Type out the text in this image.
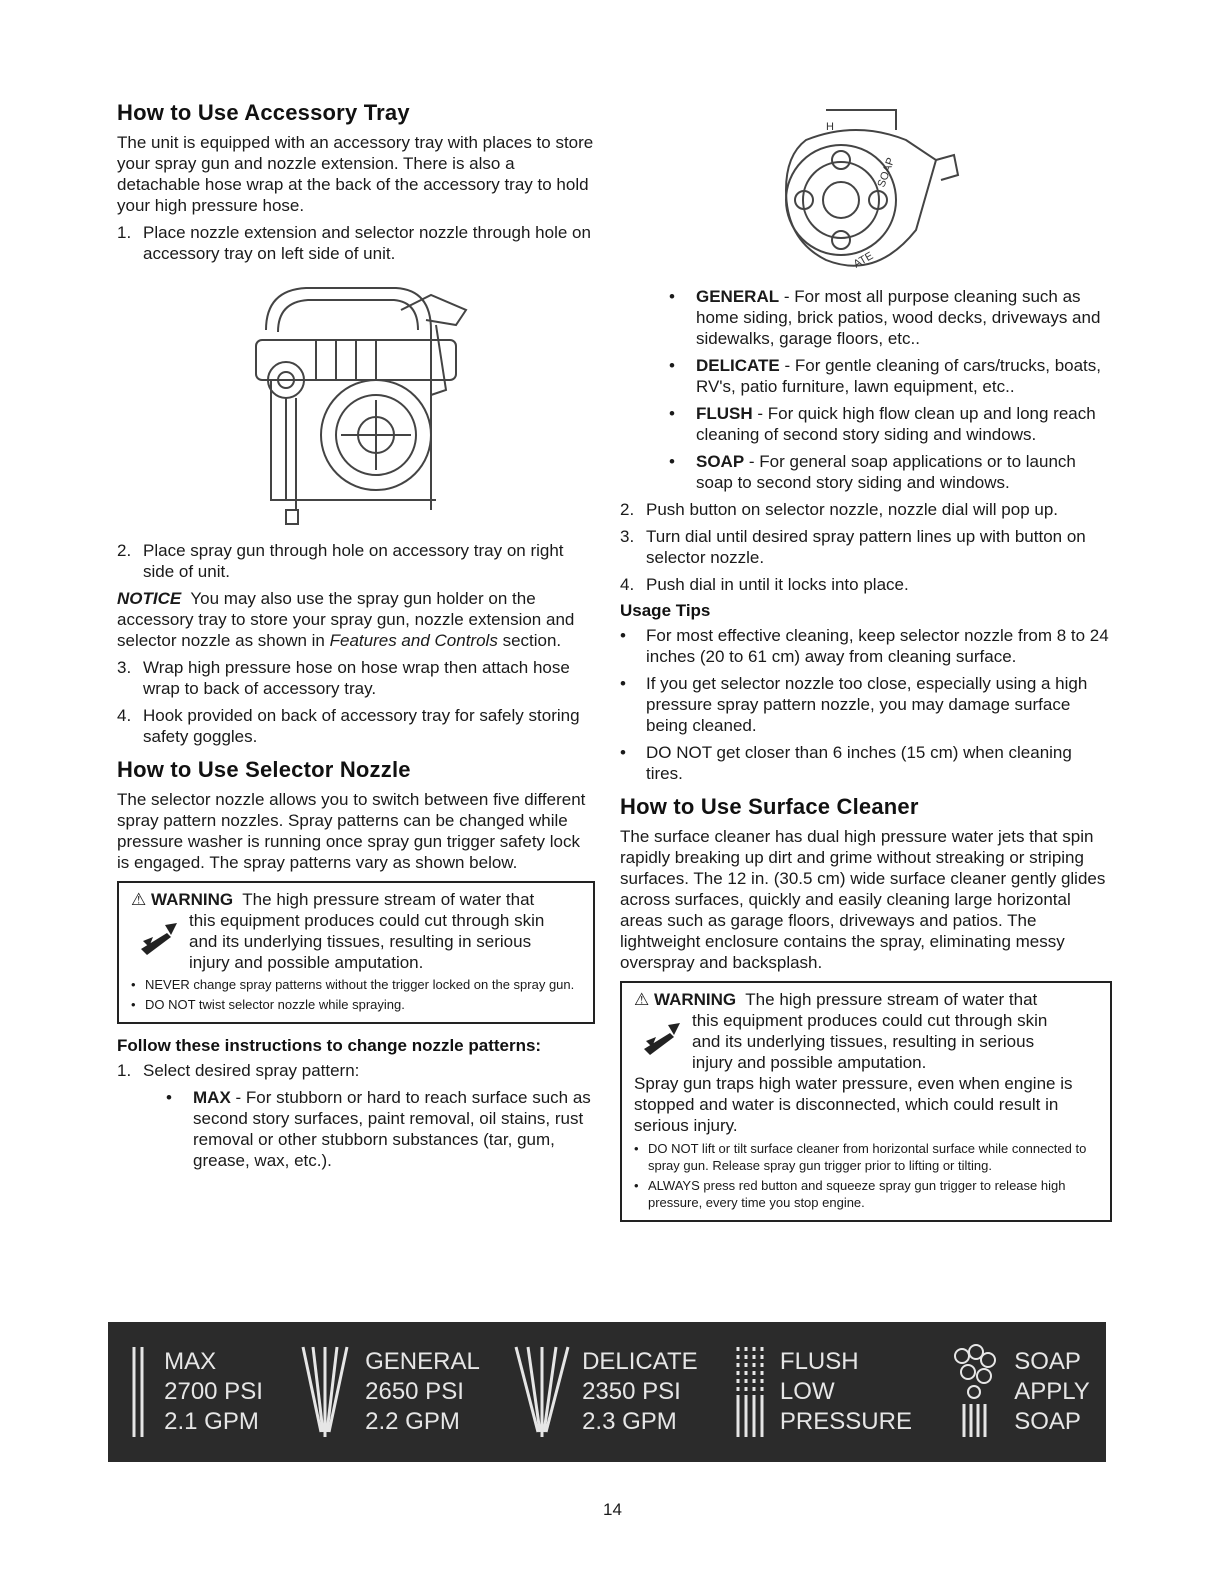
How to Use Accessory Tray

The unit is equipped with an accessory tray with places to store your spray gun and nozzle extension. There is also a detachable hose wrap at the back of the accessory tray to hold your high pressure hose.

1. Place nozzle extension and selector nozzle through hole on accessory tray on left side of unit.
2. Place spray gun through hole on accessory tray on right side of unit.

NOTICE You may also use the spray gun holder on the accessory tray to store your spray gun, nozzle extension and selector nozzle as shown in Features and Controls section.

3. Wrap high pressure hose on hose wrap then attach hose wrap to back of accessory tray.
4. Hook provided on back of accessory tray for safely storing safety goggles.
How to Use Selector Nozzle

The selector nozzle allows you to switch between five different spray pattern nozzles. Spray patterns can be changed while pressure washer is running once spray gun trigger safety lock is engaged. The spray patterns vary as shown below.

⚠ WARNING The high pressure stream of water that
this equipment produces could cut through skin
and its underlying tissues, resulting in serious
injury and possible amputation.
• NEVER change spray patterns without the trigger locked on the spray gun.
• DO NOT twist selector nozzle while spraying.
Follow these instructions to change nozzle patterns:
1. Select desired spray pattern:
•	MAX - For stubborn or hard to reach surface such as second story surfaces, paint removal, oil stains, rust removal or other stubborn substances (tar, gum, grease, wax, etc.).
SOAP
ATE
H
•	GENERAL - For most all purpose cleaning such as home siding, brick patios, wood decks, driveways and sidewalks, garage floors, etc..
•	DELICATE - For gentle cleaning of cars/trucks, boats, RV's, patio furniture, lawn equipment, etc..
•	FLUSH - For quick high flow clean up and long reach cleaning of second story siding and windows.
•	SOAP - For general soap applications or to launch soap to second story siding and windows.
2. Push button on selector nozzle, nozzle dial will pop up.
3. Turn dial until desired spray pattern lines up with button on selector nozzle.
4. Push dial in until it locks into place.
Usage Tips
•	For most effective cleaning, keep selector nozzle from 8 to 24 inches (20 to 61 cm) away from cleaning surface.
•	If you get selector nozzle too close, especially using a high pressure spray pattern nozzle, you may damage surface being cleaned.
•	DO NOT get closer than 6 inches (15 cm) when cleaning tires.
How to Use Surface Cleaner

The surface cleaner has dual high pressure water jets that spin rapidly breaking up dirt and grime without streaking or striping surfaces. The 12 in. (30.5 cm) wide surface cleaner gently glides across surfaces, quickly and easily cleaning large horizontal areas such as garage floors, driveways and patios. The lightweight enclosure contains the spray, eliminating messy overspray and backsplash.

⚠ WARNING The high pressure stream of water that
this equipment produces could cut through skin
and its underlying tissues, resulting in serious
injury and possible amputation.

Spray gun traps high water pressure, even when engine is stopped and water is disconnected, which could result in serious injury.

• DO NOT lift or tilt surface cleaner from horizontal surface while connected to spray gun. Release spray gun trigger prior to lifting or tilting.
• ALWAYS press red button and squeeze spray gun trigger to release high pressure, every time you stop engine.
MAX
2700 PSI
2.1 GPM
GENERAL
2650 PSI
2.2 GPM
DELICATE
2350 PSI
2.3 GPM
FLUSH
LOW
PRESSURE
SOAP
APPLY
SOAP
14
